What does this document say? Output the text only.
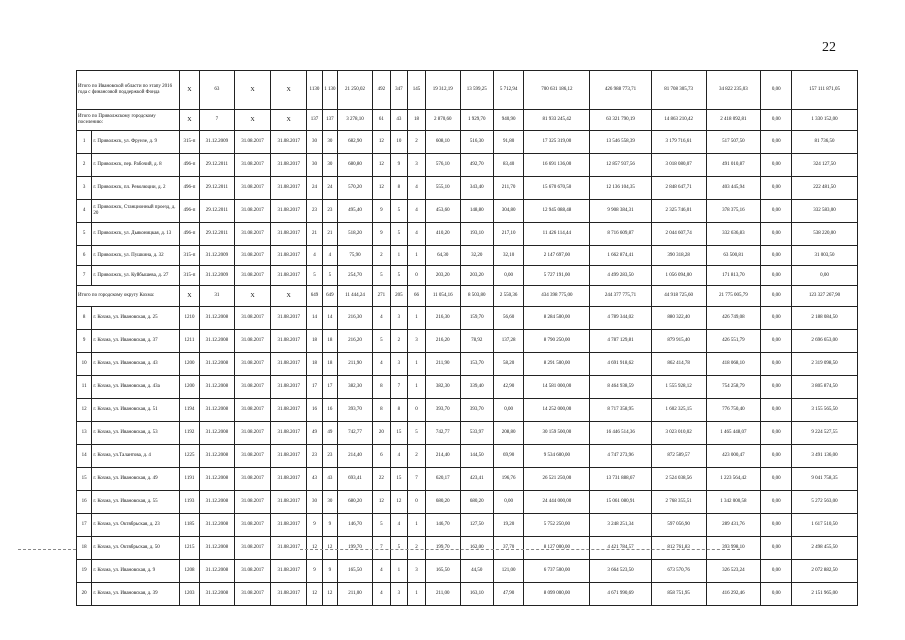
22
Итого по Ивановской области по этапу 2016 года с финансовой поддержкой Фонда		X	63	X	X	1130	1 130	21 250,02	492	347	145	19 312,19	13 599,25	5 712,94	700 631 186,12	426 988 773,71	81 708 305,73	34 822 235,03	0,00	157 111 871,05
Итого по Приволжскому городскому поселению:		X	7	X	X	137	137	3 278,10	61	43	18	2 870,60	1 929,70	940,90	81 933 245,42	63 321 790,19	14 863 210,42	2 418 092,81	0,00	1 330 152,00
1	г. Приволжск, ул. Фрунзе, д. 9	315-п	31.12.2009	31.08.2017	31.08.2017	30	30	682,90	12	10	2	608,10	516,30	91,80	17 325 319,00	13 546 558,39	3 179 716,61	517 507,50	0,00	81 736,50
2	г. Приволжск, пер. Рабочий, д. 8	496-п	29.12.2011	31.08.2017	31.08.2017	30	30	680,80	12	9	3	576,10	492,70	83,40	16 691 136,00	12 857 937,56	3 018 080,07	491 010,87	0,00	324 127,50
3	г. Приволжск, пл. Революции, д. 2	496-п	29.12.2011	31.08.2017	31.08.2017	24	24	570,20	12	8	4	555,10	343,40	211,70	15 670 670,50	12 136 104,35	2 848 647,71	403 445,94	0,00	222 481,50
4	г. Приволжск, Станционный проезд, д. 20	496-п	29.12.2011	31.08.2017	31.08.2017	23	23	495,40	9	5	4	453,60	148,80	304,80	12 945 088,48	9 908 384,31	2 325 746,01	378 375,16	0,00	332 583,00
5	г. Приволжск, ул. Дьяконицкая, д. 13	496-п	29.12.2011	31.08.2017	31.08.2017	21	21	518,20	9	5	4	410,20	193,10	217,10	11 426 114,44	8 716 609,87	2 044 607,74	332 636,83	0,00	538 220,00
6	г. Приволжск, ул. Пушкина, д. 32	315-п	31.12.2009	31.08.2017	31.08.2017	4	4	75,90	2	1	1	64,30	32,20	32,10	2 147 697,00	1 662 874,41	390 318,28	63 500,81	0,00	31 003,50
7	г. Приволжск, ул. Куйбышева, д. 27	315-п	31.12.2009	31.08.2017	31.08.2017	5	5	254,70	5	5	0	203,20	203,20	0,00	5 727 191,00	4 499 283,50	1 056 094,00	171 813,70	0,00	0,00
Итого по городскому округу Кохма:		X	31	X	X	649	649	11 444,24	271	205	66	11 054,16	8 503,80	2 550,36	434 398 775,00	244 377 775,71	44 918 725,60	21 775 005,79	0,00	123 327 267,90
8	г. Кохма, ул. Ивановская, д. 25	1210	31.12.2008	31.08.2017	31.08.2017	14	14	216,30	4	3	1	216,30	159,70	56,60	8 284 500,00	4 789 344,02	880 322,40	426 749,08	0,00	2 188 084,50
9	г. Кохма, ул. Ивановская, д. 37	1211	31.12.2008	31.08.2017	31.08.2017	18	18	216,20	5	2	3	216,20	78,92	137,28	8 790 250,00	4 787 129,81	879 915,40	426 551,79	0,00	2 696 653,00
10	г. Кохма, ул. Ивановская, д. 43	1200	31.12.2008	31.08.2017	31.08.2017	18	18	211,90	4	3	1	211,90	153,70	58,20	8 291 500,00	4 691 918,62	862 414,78	418 068,10	0,00	2 319 098,50
11	г. Кохма, ул. Ивановская, д. 43а	1200	31.12.2008	31.08.2017	31.08.2017	17	17	382,30	8	7	1	382,30	339,40	42,90	14 581 000,00	8 464 938,59	1 555 928,12	754 258,79	0,00	3 805 874,50
12	г. Кохма, ул. Ивановская, д. 51	1194	31.12.2008	31.08.2017	31.08.2017	16	16	393,70	8	8	0	393,70	393,70	0,00	14 252 000,00	8 717 358,95	1 602 325,15	776 750,40	0,00	3 155 565,50
13	г. Кохма, ул. Ивановская, д. 53	1192	31.12.2008	31.08.2017	31.08.2017	49	49	742,77	20	15	5	742,77	533,97	208,80	30 159 500,00	16 446 514,36	3 023 010,02	1 465 448,07	0,00	9 224 527,55
14	г. Кохма, ул.Талантова, д. 4	1225	31.12.2008	31.08.2017	31.08.2017	23	23	214,40	6	4	2	214,40	144,50	69,90	9 534 600,00	4 747 273,96	872 589,57	423 000,47	0,00	3 491 136,00
15	г. Кохма, ул. Ивановская, д. 49	1191	31.12.2008	31.08.2017	31.08.2017	43	43	693,41	22	15	7	620,17	423,41	196,76	26 521 250,00	13 731 888,67	2 524 038,56	1 223 564,42	0,00	9 041 758,35
16	г. Кохма, ул. Ивановская, д. 55	1193	31.12.2008	31.08.2017	31.08.2017	30	30	680,20	12	12	0	680,20	680,20	0,00	24 444 000,00	15 061 080,91	2 768 355,51	1 342 000,58	0,00	5 272 563,00
17	г. Кохма, ул. Октябрьская, д. 23	1185	31.12.2008	31.08.2017	31.08.2017	9	9	146,70	5	4	1	146,70	127,50	19,20	5 752 250,00	3 248 251,34	597 056,90	289 431,76	0,00	1 617 510,50
18	г. Кохма, ул. Октябрьская, д. 50	1215	31.12.2008	31.08.2017	31.08.2017	12	12	199,70	7	5	2	199,70	162,00	37,70	8 127 000,00	4 421 784,57	812 761,83	393 998,10	0,00	2 498 455,50
19	г. Кохма, ул. Ивановская, д. 9	1208	31.12.2008	31.08.2017	31.08.2017	9	9	165,50	4	1	3	165,50	44,50	121,00	6 737 500,00	3 664 523,50	673 570,76	326 523,24	0,00	2 072 882,50
20	г. Кохма, ул. Ивановская, д. 39	1203	31.12.2008	31.08.2017	31.08.2017	12	12	211,00	4	3	1	211,00	163,10	47,90	8 099 000,00	4 671 990,69	858 751,95	416 292,46	0,00	2 151 965,00
